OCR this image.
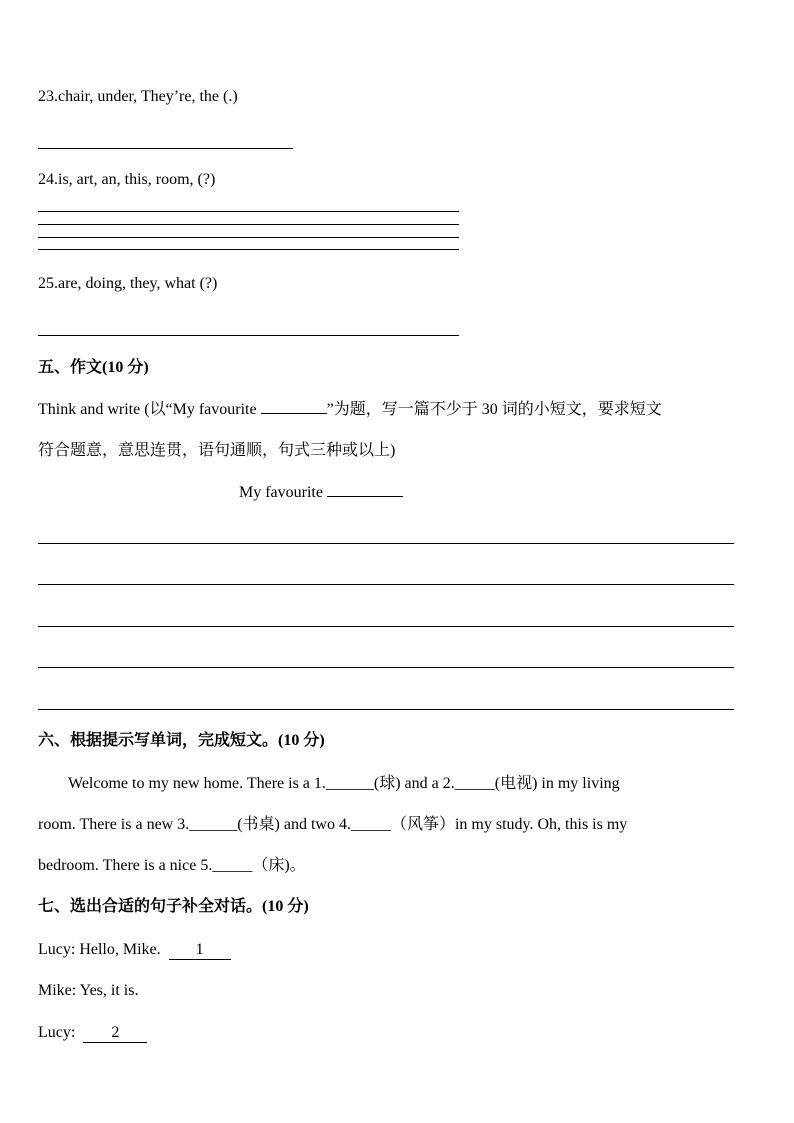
23.chair, under, They’re, the (.)
24.is, art, an, this, room, (?)
25.are, doing, they, what (?)
五、作文(10 分)
Think and write (以“My favourite	”为题，写一篇不少于 30 词的小短文，要求短文
符合题意，意思连贯，语句通顺，句式三种或以上)
My favourite
六、根据提示写单词，完成短文。(10 分)
Welcome to my new home. There is a 1.______(球) and a 2._____(电视) in my living
room. There is a new 3.______(书桌) and two 4._____（风筝）in my study. Oh, this is my
bedroom. There is a nice 5._____（床)。
七、选出合适的句子补全对话。(10 分)
Lucy: Hello, Mike. 1
Mike: Yes, it is.
Lucy: 2
